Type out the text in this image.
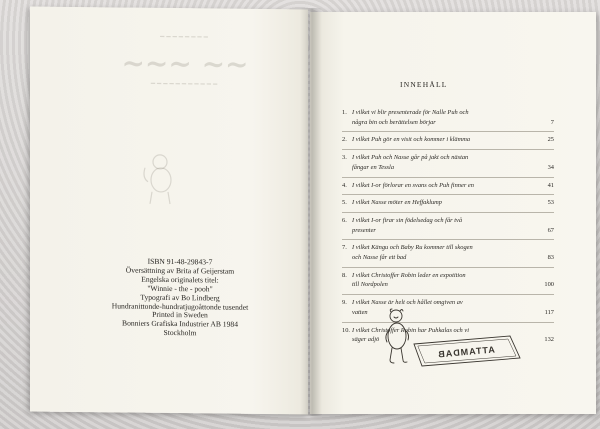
━━━━━━━━
~~~ ~~
━━━━━━━━━━━
ISBN 91-48-29843-7
Översättning av Brita af Geijerstam
Engelska originalets titel:
"Winnie - the - pooh"
Typografi av Bo Lindberg
Hundranittonde-hundratjugoåttonde tusendet
Printed in Sweden
Bonniers Grafiska Industrier AB 1984
Stockholm
INNEHÅLL
1. I vilket vi blir presenterade för Nalle Puh och
några bin och berättelsen börjar	7
2. I vilket Puh gör en visit och kommer i klämma	25
3. I vilket Puh och Nasse går på jakt och nästan
fångar en Tessla	34
4. I vilket I-or förlorar en svans och Puh finner en	41
5. I vilket Nasse möter en Heffaklump	53
6. I vilket I-or firar sin födelsedag och får två
presenter	67
7. I vilket Kängu och Baby Ru kommer till skogen
och Nasse får ett bad	83
8. I vilket Christoffer Robin leder en expotition
till Nordpolen	100
9. I vilket Nasse är helt och hållet omgiven av
vatten	117
10. I vilket Christoffer Robin har Puhkalas och vi
säger adjö	132
ATTAMDAB
